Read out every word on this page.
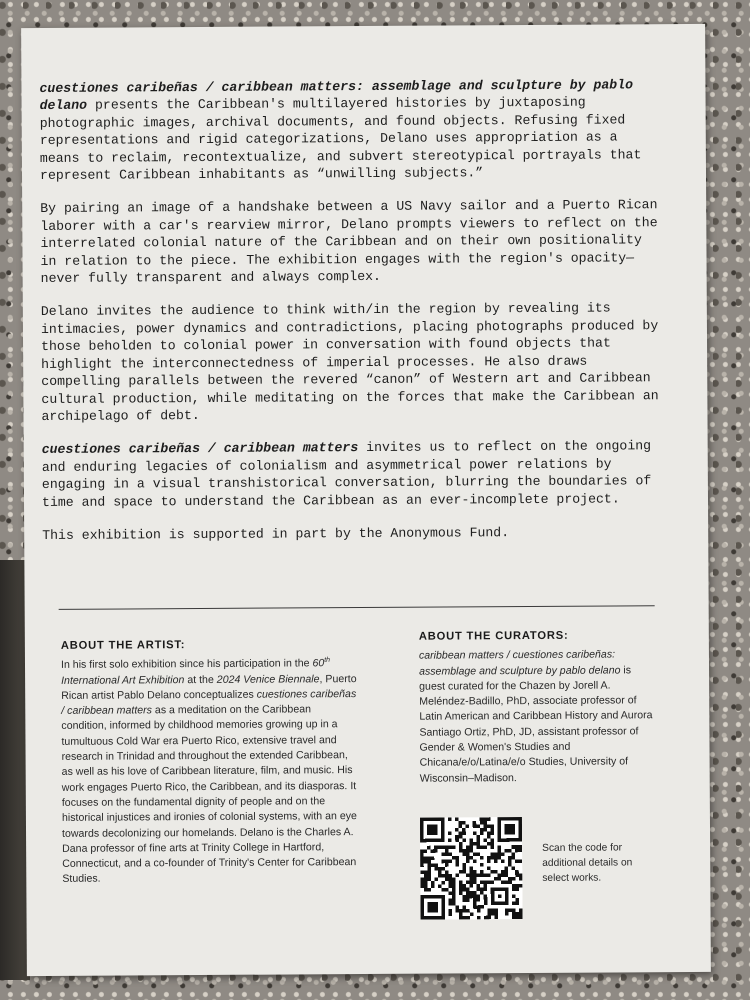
cuestiones caribeñas / caribbean matters: assemblage and sculpture by pablo delano presents the Caribbean's multilayered histories by juxtaposing photographic images, archival documents, and found objects. Refusing fixed representations and rigid categorizations, Delano uses appropriation as a means to reclaim, recontextualize, and subvert stereotypical portrayals that represent Caribbean inhabitants as “unwilling subjects.”

By pairing an image of a handshake between a US Navy sailor and a Puerto Rican laborer with a car's rearview mirror, Delano prompts viewers to reflect on the interrelated colonial nature of the Caribbean and on their own positionality in relation to the piece. The exhibition engages with the region's opacity—never fully transparent and always complex.

Delano invites the audience to think with/in the region by revealing its intimacies, power dynamics and contradictions, placing photographs produced by those beholden to colonial power in conversation with found objects that highlight the interconnectedness of imperial processes. He also draws compelling parallels between the revered “canon” of Western art and Caribbean cultural production, while meditating on the forces that make the Caribbean an archipelago of debt.

cuestiones caribeñas / caribbean matters invites us to reflect on the ongoing and enduring legacies of colonialism and asymmetrical power relations by engaging in a visual transhistorical conversation, blurring the boundaries of time and space to understand the Caribbean as an ever-incomplete project.

This exhibition is supported in part by the Anonymous Fund.

ABOUT THE ARTIST:
In his first solo exhibition since his participation in the 60th International Art Exhibition at the 2024 Venice Biennale, Puerto Rican artist Pablo Delano conceptualizes cuestiones caribeñas / caribbean matters as a meditation on the Caribbean condition, informed by childhood memories growing up in a tumultuous Cold War era Puerto Rico, extensive travel and research in Trinidad and throughout the extended Caribbean, as well as his love of Caribbean literature, film, and music. His work engages Puerto Rico, the Caribbean, and its diasporas. It focuses on the fundamental dignity of people and on the historical injustices and ironies of colonial systems, with an eye towards decolonizing our homelands. Delano is the Charles A. Dana professor of fine arts at Trinity College in Hartford, Connecticut, and a co-founder of Trinity's Center for Caribbean Studies.
ABOUT THE CURATORS:
caribbean matters / cuestiones caribeñas: assemblage and sculpture by pablo delano is guest curated for the Chazen by Jorell A. Meléndez-Badillo, PhD, associate professor of Latin American and Caribbean History and Aurora Santiago Ortiz, PhD, JD, assistant professor of Gender & Women's Studies and Chicana/e/o/Latina/e/o Studies, University of Wisconsin–Madison.
Scan the code for additional details on select works.
